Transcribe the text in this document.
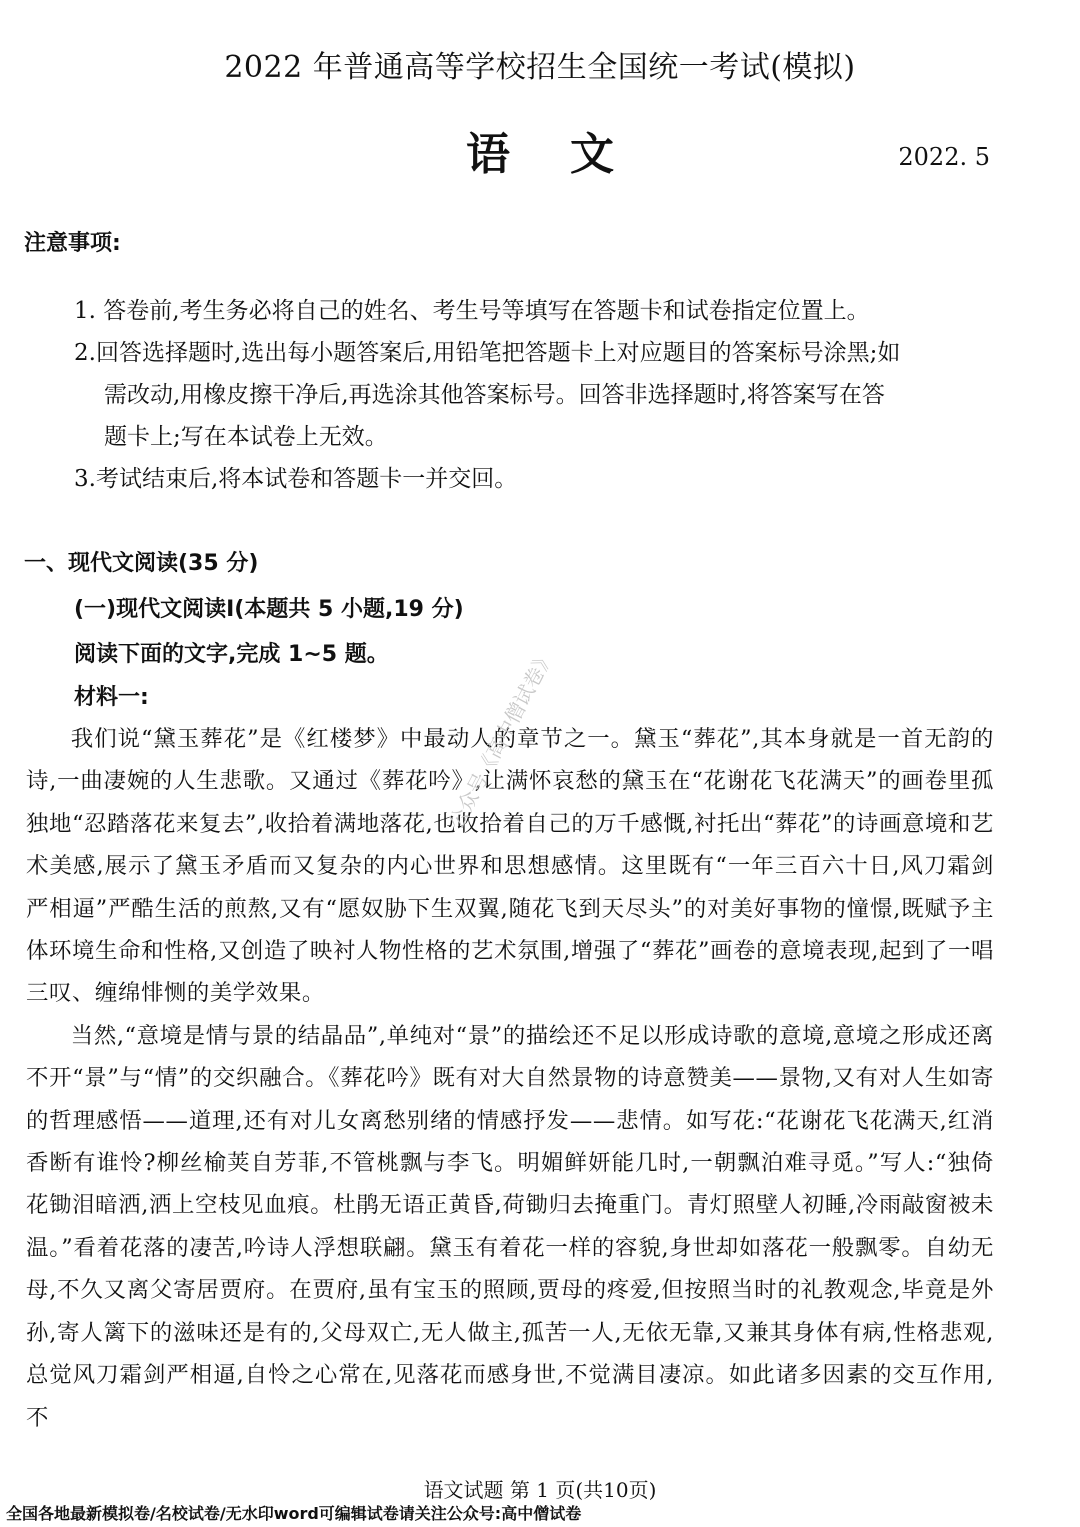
2022 年普通高等学校招生全国统一考试(模拟)
语文	2022. 5
注意事项:
1. 答卷前,考生务必将自己的姓名、考生号等填写在答题卡和试卷指定位置上。
2.回答选择题时,选出每小题答案后,用铅笔把答题卡上对应题目的答案标号涂黑;如
需改动,用橡皮擦干净后,再选涂其他答案标号。回答非选择题时,将答案写在答
题卡上;写在本试卷上无效。
3.考试结束后,将本试卷和答题卡一并交回。
一、现代文阅读(35 分)
(一)现代文阅读Ⅰ(本题共 5 小题,19 分)
阅读下面的文字,完成 1~5 题。
材料一:

我们说“黛玉葬花”是《红楼梦》中最动人的章节之一。黛玉“葬花”,其本身就是一首无韵的诗,一曲凄婉的人生悲歌。又通过《葬花吟》,让满怀哀愁的黛玉在“花谢花飞花满天”的画卷里孤独地“忍踏落花来复去”,收拾着满地落花,也收拾着自己的万千感慨,衬托出“葬花”的诗画意境和艺术美感,展示了黛玉矛盾而又复杂的内心世界和思想感情。这里既有“一年三百六十日,风刀霜剑严相逼”严酷生活的煎熬,又有“愿奴胁下生双翼,随花飞到天尽头”的对美好事物的憧憬,既赋予主体环境生命和性格,又创造了映衬人物性格的艺术氛围,增强了“葬花”画卷的意境表现,起到了一唱三叹、缠绵悱恻的美学效果。

当然,“意境是情与景的结晶品”,单纯对“景”的描绘还不足以形成诗歌的意境,意境之形成还离不开“景”与“情”的交织融合。《葬花吟》既有对大自然景物的诗意赞美——景物,又有对人生如寄的哲理感悟——道理,还有对儿女离愁别绪的情感抒发——悲情。如写花:“花谢花飞花满天,红消香断有谁怜?柳丝榆荚自芳菲,不管桃飘与李飞。明媚鲜妍能几时,一朝飘泊难寻觅。”写人:“独倚花锄泪暗洒,洒上空枝见血痕。杜鹃无语正黄昏,荷锄归去掩重门。青灯照壁人初睡,冷雨敲窗被未温。”看着花落的凄苦,吟诗人浮想联翩。黛玉有着花一样的容貌,身世却如落花一般飘零。自幼无母,不久又离父寄居贾府。在贾府,虽有宝玉的照顾,贾母的疼爱,但按照当时的礼教观念,毕竟是外孙,寄人篱下的滋味还是有的,父母双亡,无人做主,孤苦一人,无依无靠,又兼其身体有病,性格悲观,总觉风刀霜剑严相逼,自怜之心常在,见落花而感身世,不觉满目凄凉。如此诸多因素的交互作用,不

公众号《高中僧试卷》
语文试题 第 1 页(共10页)
全国各地最新模拟卷/名校试卷/无水印word可编辑试卷请关注公众号:高中僧试卷
